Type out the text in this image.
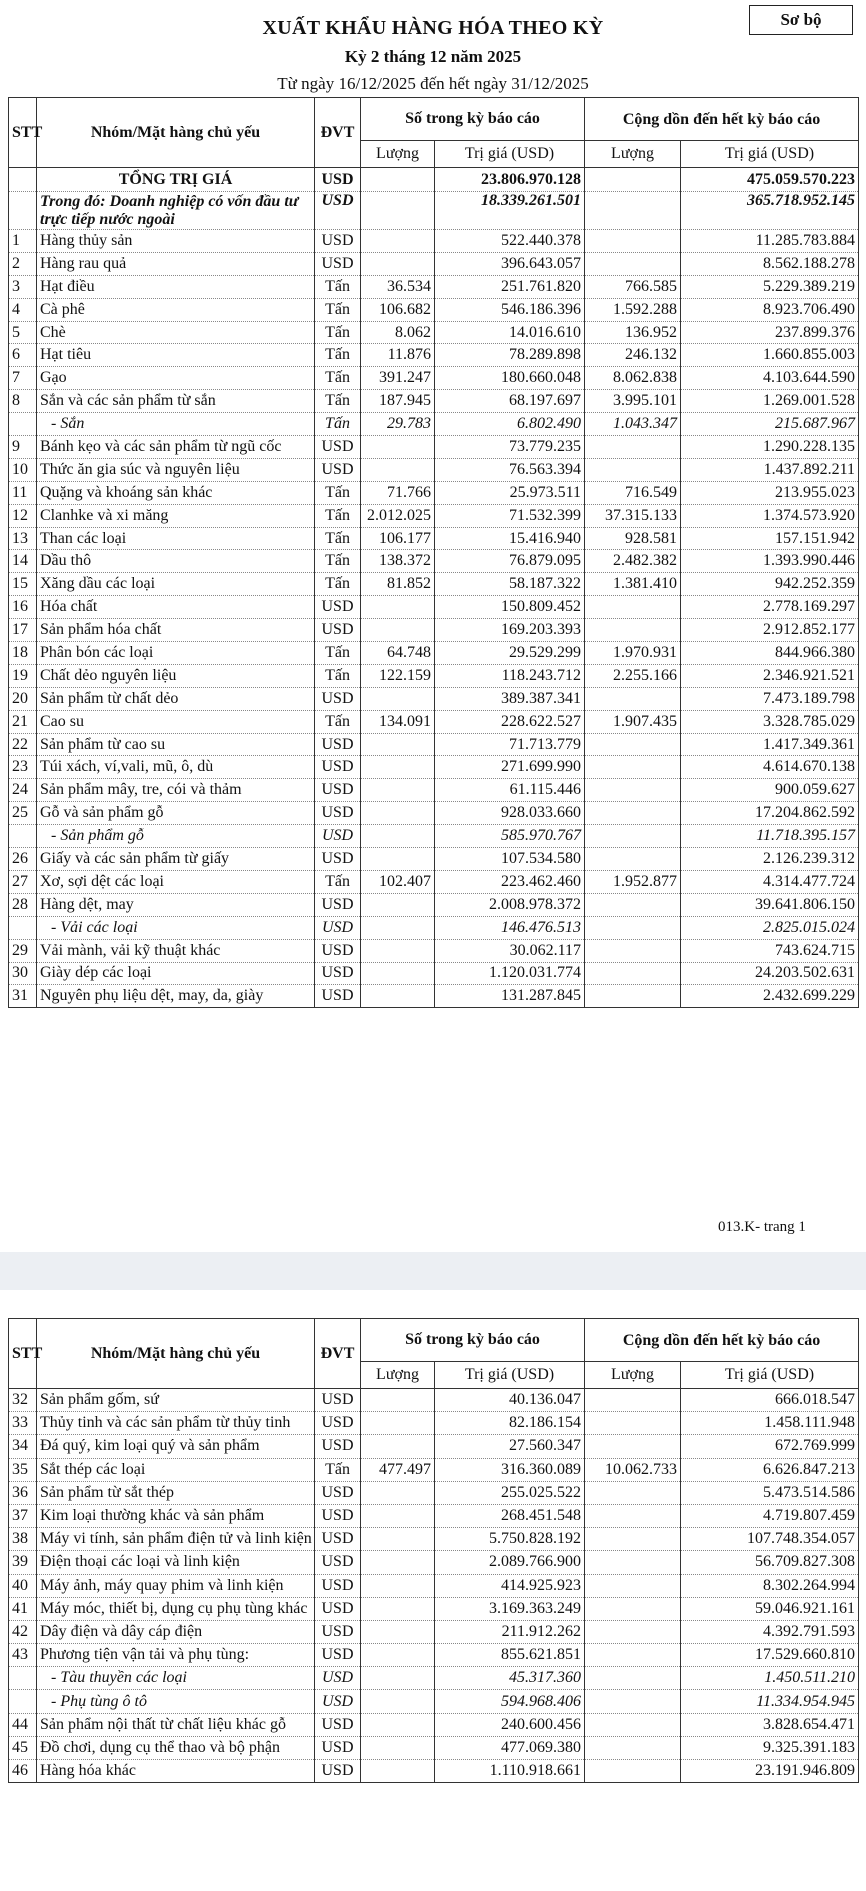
Sơ bộ
XUẤT KHẨU HÀNG HÓA THEO KỲ
Kỳ 2 tháng 12 năm 2025
Từ ngày 16/12/2025 đến hết ngày 31/12/2025
STT	Nhóm/Mặt hàng chủ yếu	ĐVT	Số trong kỳ báo cáo		Cộng dồn đến hết kỳ báo cáo	
			Lượng	Trị giá (USD)	Lượng	Trị giá (USD)
	TỔNG TRỊ GIÁ	USD		23.806.970.128		475.059.570.223
	Trong đó: Doanh nghiệp có vốn đầu tư trực tiếp nước ngoài	USD		18.339.261.501		365.718.952.145
1	Hàng thủy sản	USD		522.440.378		11.285.783.884
2	Hàng rau quả	USD		396.643.057		8.562.188.278
3	Hạt điều	Tấn	36.534	251.761.820	766.585	5.229.389.219
4	Cà phê	Tấn	106.682	546.186.396	1.592.288	8.923.706.490
5	Chè	Tấn	8.062	14.016.610	136.952	237.899.376
6	Hạt tiêu	Tấn	11.876	78.289.898	246.132	1.660.855.003
7	Gạo	Tấn	391.247	180.660.048	8.062.838	4.103.644.590
8	Sắn và các sản phẩm từ sắn	Tấn	187.945	68.197.697	3.995.101	1.269.001.528
	- Sắn	Tấn	29.783	6.802.490	1.043.347	215.687.967
9	Bánh kẹo và các sản phẩm từ ngũ cốc	USD		73.779.235		1.290.228.135
10	Thức ăn gia súc và nguyên liệu	USD		76.563.394		1.437.892.211
11	Quặng và khoáng sản khác	Tấn	71.766	25.973.511	716.549	213.955.023
12	Clanhke và xi măng	Tấn	2.012.025	71.532.399	37.315.133	1.374.573.920
13	Than các loại	Tấn	106.177	15.416.940	928.581	157.151.942
14	Dầu thô	Tấn	138.372	76.879.095	2.482.382	1.393.990.446
15	Xăng dầu các loại	Tấn	81.852	58.187.322	1.381.410	942.252.359
16	Hóa chất	USD		150.809.452		2.778.169.297
17	Sản phẩm hóa chất	USD		169.203.393		2.912.852.177
18	Phân bón các loại	Tấn	64.748	29.529.299	1.970.931	844.966.380
19	Chất dẻo nguyên liệu	Tấn	122.159	118.243.712	2.255.166	2.346.921.521
20	Sản phẩm từ chất dẻo	USD		389.387.341		7.473.189.798
21	Cao su	Tấn	134.091	228.622.527	1.907.435	3.328.785.029
22	Sản phẩm từ cao su	USD		71.713.779		1.417.349.361
23	Túi xách, ví,vali, mũ, ô, dù	USD		271.699.990		4.614.670.138
24	Sản phẩm mây, tre, cói và thảm	USD		61.115.446		900.059.627
25	Gỗ và sản phẩm gỗ	USD		928.033.660		17.204.862.592
	- Sản phẩm gỗ	USD		585.970.767		11.718.395.157
26	Giấy và các sản phẩm từ giấy	USD		107.534.580		2.126.239.312
27	Xơ, sợi dệt các loại	Tấn	102.407	223.462.460	1.952.877	4.314.477.724
28	Hàng dệt, may	USD		2.008.978.372		39.641.806.150
	- Vải các loại	USD		146.476.513		2.825.015.024
29	Vải mành, vải kỹ thuật khác	USD		30.062.117		743.624.715
30	Giày dép các loại	USD		1.120.031.774		24.203.502.631
31	Nguyên phụ liệu dệt, may, da, giày	USD		131.287.845		2.432.699.229
013.K- trang 1
STT	Nhóm/Mặt hàng chủ yếu	ĐVT	Số trong kỳ báo cáo		Cộng dồn đến hết kỳ báo cáo	
			Lượng	Trị giá (USD)	Lượng	Trị giá (USD)
32	Sản phẩm gốm, sứ	USD		40.136.047		666.018.547
33	Thủy tinh và các sản phẩm từ thủy tinh	USD		82.186.154		1.458.111.948
34	Đá quý, kim loại quý và sản phẩm	USD		27.560.347		672.769.999
35	Sắt thép các loại	Tấn	477.497	316.360.089	10.062.733	6.626.847.213
36	Sản phẩm từ sắt thép	USD		255.025.522		5.473.514.586
37	Kim loại thường khác và sản phẩm	USD		268.451.548		4.719.807.459
38	Máy vi tính, sản phẩm điện tử và linh kiện	USD		5.750.828.192		107.748.354.057
39	Điện thoại các loại và linh kiện	USD		2.089.766.900		56.709.827.308
40	Máy ảnh, máy quay phim và linh kiện	USD		414.925.923		8.302.264.994
41	Máy móc, thiết bị, dụng cụ phụ tùng khác	USD		3.169.363.249		59.046.921.161
42	Dây điện và dây cáp điện	USD		211.912.262		4.392.791.593
43	Phương tiện vận tải và phụ tùng:	USD		855.621.851		17.529.660.810
	- Tàu thuyền các loại	USD		45.317.360		1.450.511.210
	- Phụ tùng ô tô	USD		594.968.406		11.334.954.945
44	Sản phẩm nội thất từ chất liệu khác gỗ	USD		240.600.456		3.828.654.471
45	Đồ chơi, dụng cụ thể thao và bộ phận	USD		477.069.380		9.325.391.183
46	Hàng hóa khác	USD		1.110.918.661		23.191.946.809
